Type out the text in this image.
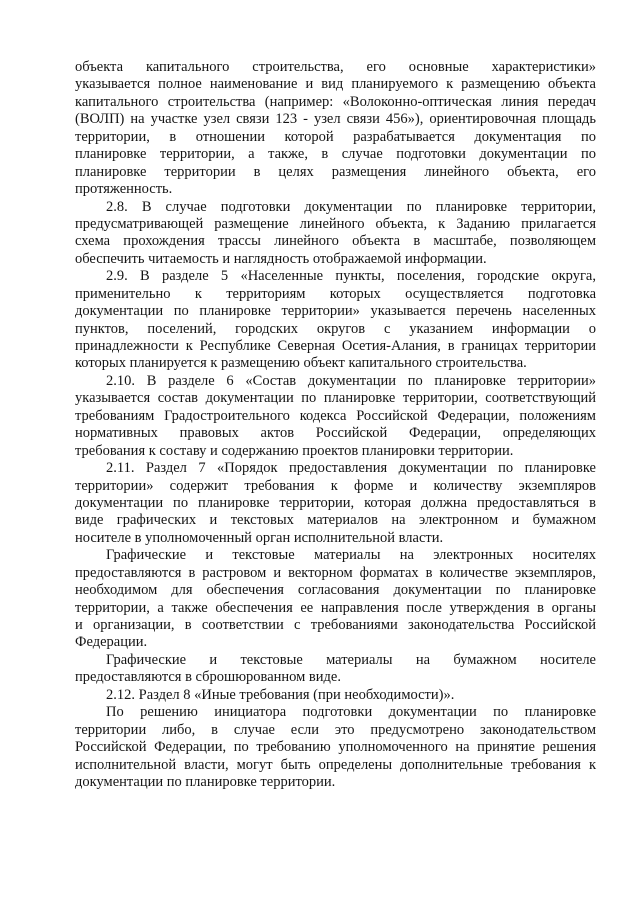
объекта капитального строительства, его основные характеристики»
указывается полное наименование и вид планируемого к размещению объекта
капитального строительства (например: «Волоконно-оптическая линия передач
(ВОЛП) на участке узел связи 123 - узел связи 456»), ориентировочная площадь
территории, в отношении которой разрабатывается документация по
планировке территории, а также, в случае подготовки документации по
планировке территории в целях размещения линейного объекта, его
протяженность.
2.8. В случае подготовки документации по планировке территории,
предусматривающей размещение линейного объекта, к Заданию прилагается
схема прохождения трассы линейного объекта в масштабе, позволяющем
обеспечить читаемость и наглядность отображаемой информации.
2.9. В разделе 5 «Населенные пункты, поселения, городские округа,
применительно к территориям которых осуществляется подготовка
документации по планировке территории» указывается перечень населенных
пунктов, поселений, городских округов с указанием информации о
принадлежности к Республике Северная Осетия-Алания, в границах территории
которых планируется к размещению объект капитального строительства.
2.10. В разделе 6 «Состав документации по планировке территории»
указывается состав документации по планировке территории, соответствующий
требованиям Градостроительного кодекса Российской Федерации, положениям
нормативных правовых актов Российской Федерации, определяющих
требования к составу и содержанию проектов планировки территории.
2.11. Раздел 7 «Порядок предоставления документации по планировке
территории» содержит требования к форме и количеству экземпляров
документации по планировке территории, которая должна предоставляться в
виде графических и текстовых материалов на электронном и бумажном
носителе в уполномоченный орган исполнительной власти.
Графические и текстовые материалы на электронных носителях
предоставляются в растровом и векторном форматах в количестве экземпляров,
необходимом для обеспечения согласования документации по планировке
территории, а также обеспечения ее направления после утверждения в органы
и организации, в соответствии с требованиями законодательства Российской
Федерации.
Графические и текстовые материалы на бумажном носителе
предоставляются в сброшюрованном виде.
2.12. Раздел 8 «Иные требования (при необходимости)».
По решению инициатора подготовки документации по планировке
территории либо, в случае если это предусмотрено законодательством
Российской Федерации, по требованию уполномоченного на принятие решения
исполнительной власти, могут быть определены дополнительные требования к
документации по планировке территории.
